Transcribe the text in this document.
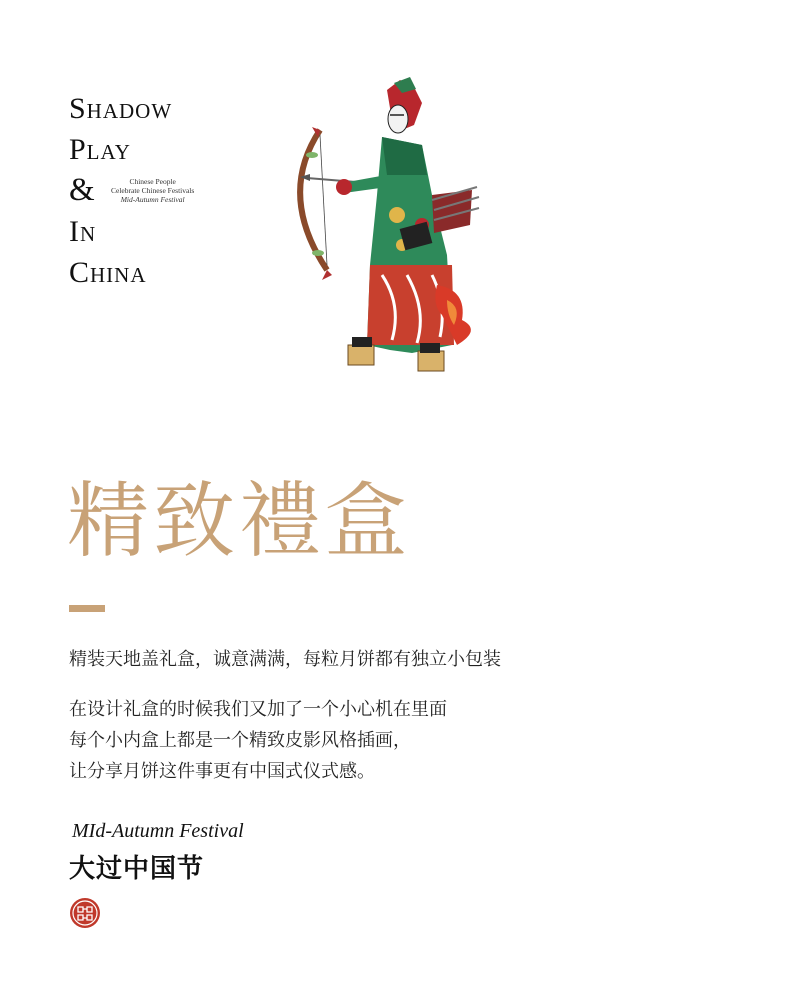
Shadow
Play
&	Chinese People
Celebrate Chinese Festivals
Mid-Autumn Festival
In
China
精致禮盒
精装天地盖礼盒，诚意满满，每粒月饼都有独立小包装
在设计礼盒的时候我们又加了一个小心机在里面
每个小内盒上都是一个精致皮影风格插画，
让分享月饼这件事更有中国式仪式感。
MId-Autumn Festival
大过中国节
